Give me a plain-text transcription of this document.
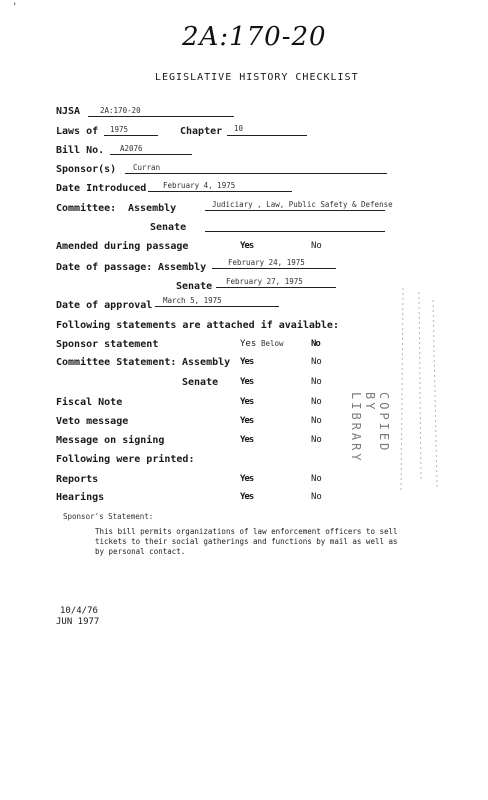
'
2A:170-20
LEGISLATIVE HISTORY CHECKLIST
NJSA	2A:170-20
Laws of 1975	Chapter 10
Bill No. A2076
Sponsor(s) Curran
Date Introduced February 4, 1975
Committee: Assembly	Judiciary , Law, Public Safety & Defense
Senate
Amended during passage	Yes	No
Date of passage: Assembly	February 24, 1975
Senate February 27, 1975
Date of approval March 5, 1975
Following statements are attached if available:
Sponsor statement	Yes Below	No
Committee Statement: Assembly Yes	No
Senate Yes	No
Fiscal Note	Yes	No
Veto message	Yes	No
Message on signing	Yes	No
Following were printed:
Reports	Yes	No
Hearings	Yes	No
Sponsor's Statement:
This bill permits organizations of law enforcement officers to sell
tickets to their social gatherings and functions by mail as well as
by personal contact.
10/4/76
JUN 1977
COPIED BY LIBRARY
